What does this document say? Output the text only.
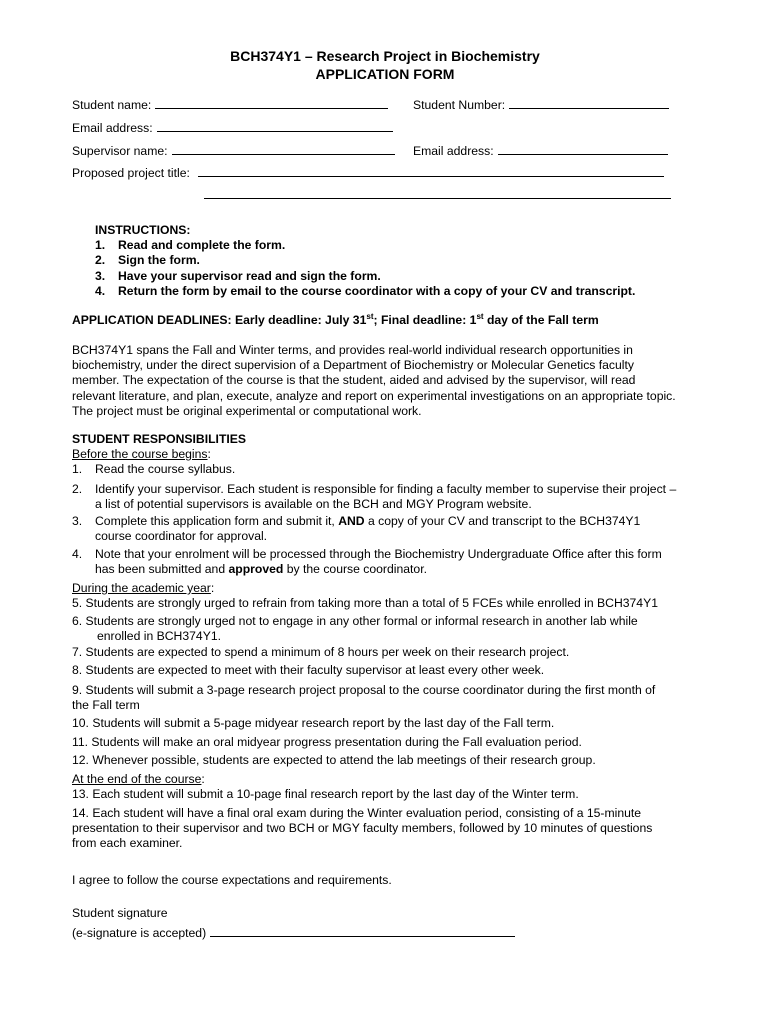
BCH374Y1 – Research Project in Biochemistry
APPLICATION FORM
Student name:	Student Number:
Email address:
Supervisor name:	Email address:
Proposed project title:
INSTRUCTIONS:
1. Read and complete the form.
2. Sign the form.
3. Have your supervisor read and sign the form.
4. Return the form by email to the course coordinator with a copy of your CV and transcript.
APPLICATION DEADLINES: Early deadline: July 31st; Final deadline: 1st day of the Fall term
BCH374Y1 spans the Fall and Winter terms, and provides real-world individual research opportunities in
biochemistry, under the direct supervision of a Department of Biochemistry or Molecular Genetics faculty
member. The expectation of the course is that the student, aided and advised by the supervisor, will read
relevant literature, and plan, execute, analyze and report on experimental investigations on an appropriate topic.
The project must be original experimental or computational work.
STUDENT RESPONSIBILITIES
Before the course begins:
1. Read the course syllabus.
2. Identify your supervisor. Each student is responsible for finding a faculty member to supervise their project –
a list of potential supervisors is available on the BCH and MGY Program website.
3. Complete this application form and submit it, AND a copy of your CV and transcript to the BCH374Y1
course coordinator for approval.
4. Note that your enrolment will be processed through the Biochemistry Undergraduate Office after this form
has been submitted and approved by the course coordinator.
During the academic year:
5. Students are strongly urged to refrain from taking more than a total of 5 FCEs while enrolled in BCH374Y1
6. Students are strongly urged not to engage in any other formal or informal research in another lab while
enrolled in BCH374Y1.
7. Students are expected to spend a minimum of 8 hours per week on their research project.
8. Students are expected to meet with their faculty supervisor at least every other week.
9. Students will submit a 3-page research project proposal to the course coordinator during the first month of
the Fall term
10. Students will submit a 5-page midyear research report by the last day of the Fall term.
11. Students will make an oral midyear progress presentation during the Fall evaluation period.
12. Whenever possible, students are expected to attend the lab meetings of their research group.
At the end of the course:
13. Each student will submit a 10-page final research report by the last day of the Winter term.
14. Each student will have a final oral exam during the Winter evaluation period, consisting of a 15-minute
presentation to their supervisor and two BCH or MGY faculty members, followed by 10 minutes of questions
from each examiner.
I agree to follow the course expectations and requirements.
Student signature
(e-signature is accepted)
